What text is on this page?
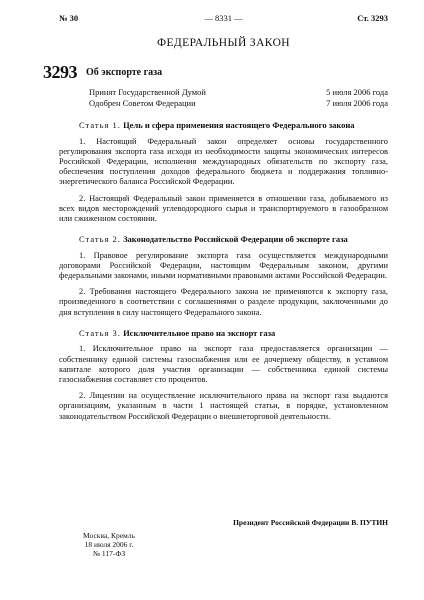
№ 30	— 8331 —	Ст. 3293
ФЕДЕРАЛЬНЫЙ ЗАКОН
3293 Об экспорте газа
Принят Государственной Думой	5 июля 2006 года
Одобрен Советом Федерации	7 июля 2006 года

Статья 1. Цель и сфера применения настоящего Федерального закона

1. Настоящий Федеральный закон определяет основы государственного регулирования экспорта газа исходя из необходимости защиты экономических интересов Российской Федерации, исполнения международных обязательств по экспорту газа, обеспечения поступления доходов федерального бюджета и поддержания топливно-энергетического баланса Российской Федерации.

2. Настоящий Федеральный закон применяется в отношении газа, добываемого из всех видов месторождений углеводородного сырья и транспортируемого в газообразном или сжиженном состоянии.

Статья 2. Законодательство Российской Федерации об экспорте газа

1. Правовое регулирование экспорта газа осуществляется международными договорами Российской Федерации, настоящим Федеральным законом, другими федеральными законами, иными нормативными правовыми актами Российской Федерации.

2. Требования настоящего Федерального закона не применяются к экспорту газа, произведенного в соответствии с соглашениями о разделе продукции, заключенными до дня вступления в силу настоящего Федерального закона.

Статья 3. Исключительное право на экспорт газа

1. Исключительное право на экспорт газа предоставляется организации — собственнику единой системы газоснабжения или ее дочернему обществу, в уставном капитале которого доля участия организации — собственника единой системы газоснабжения составляет сто процентов.

2. Лицензии на осуществление исключительного права на экспорт газа выдаются организациям, указанным в части 1 настоящей статьи, в порядке, установленном законодательством Российской Федерации о внешнеторговой деятельности.

Президент Российской Федерации В. ПУТИН
Москва, Кремль
18 июля 2006 г.
№ 117-ФЗ
